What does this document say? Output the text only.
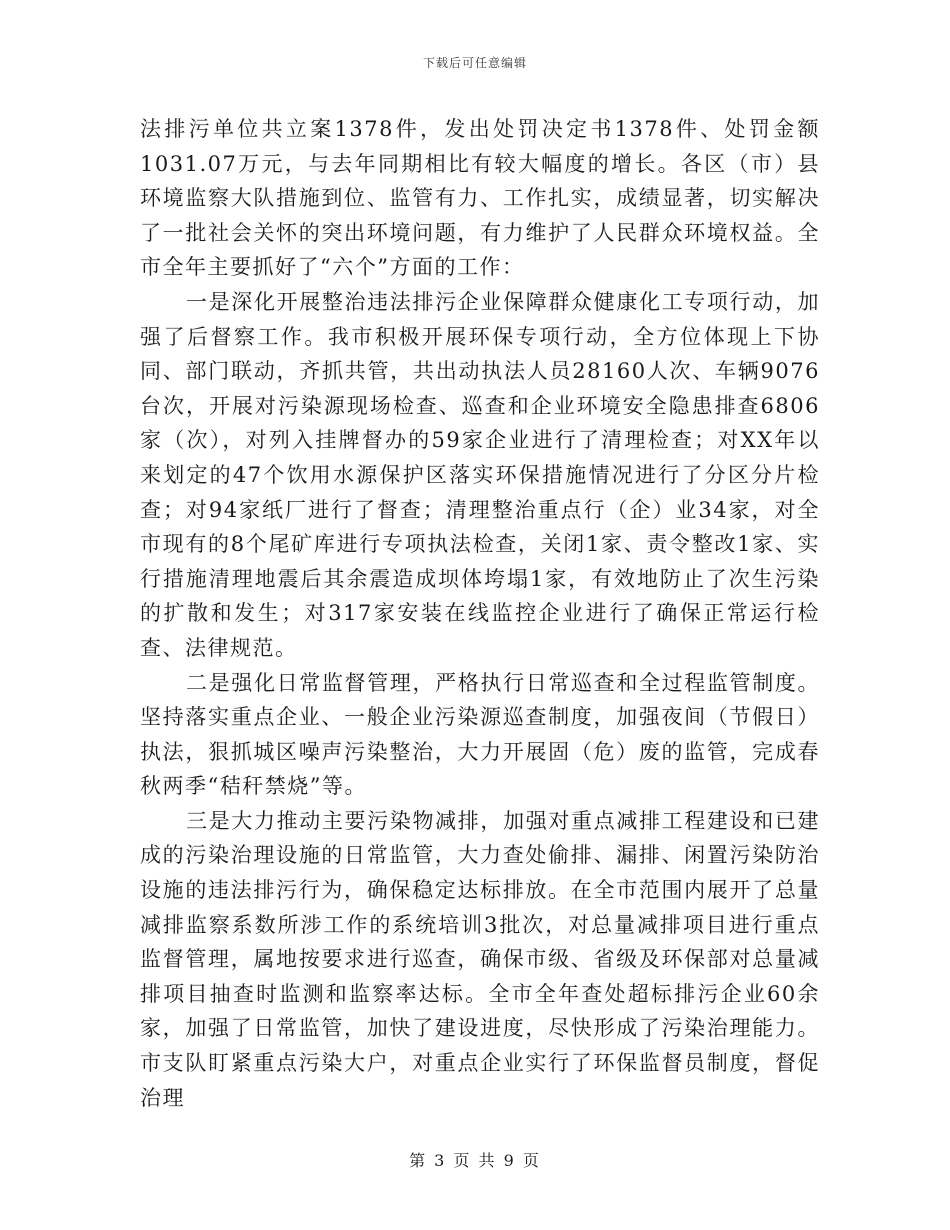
下载后可任意编辑

法排污单位共立案1378件，发出处罚决定书1378件、处罚金额1031.07万元，与去年同期相比有较大幅度的增长。各区（市）县环境监察大队措施到位、监管有力、工作扎实，成绩显著，切实解决了一批社会关怀的突出环境问题，有力维护了人民群众环境权益。全市全年主要抓好了“六个”方面的工作：

一是深化开展整治违法排污企业保障群众健康化工专项行动，加强了后督察工作。我市积极开展环保专项行动，全方位体现上下协同、部门联动，齐抓共管，共出动执法人员28160人次、车辆9076台次，开展对污染源现场检查、巡查和企业环境安全隐患排查6806家（次），对列入挂牌督办的59家企业进行了清理检查；对XX年以来划定的47个饮用水源保护区落实环保措施情况进行了分区分片检查；对94家纸厂进行了督查；清理整治重点行（企）业34家，对全市现有的8个尾矿库进行专项执法检查，关闭1家、责令整改1家、实行措施清理地震后其余震造成坝体垮塌1家，有效地防止了次生污染的扩散和发生；对317家安装在线监控企业进行了确保正常运行检查、法律规范。

二是强化日常监督管理，严格执行日常巡查和全过程监管制度。坚持落实重点企业、一般企业污染源巡查制度，加强夜间（节假日）执法，狠抓城区噪声污染整治，大力开展固（危）废的监管，完成春秋两季“秸秆禁烧”等。

三是大力推动主要污染物减排，加强对重点减排工程建设和已建成的污染治理设施的日常监管，大力查处偷排、漏排、闲置污染防治设施的违法排污行为，确保稳定达标排放。在全市范围内展开了总量减排监察系数所涉工作的系统培训3批次，对总量减排项目进行重点监督管理，属地按要求进行巡查，确保市级、省级及环保部对总量减排项目抽查时监测和监察率达标。全市全年查处超标排污企业60余家，加强了日常监管，加快了建设进度，尽快形成了污染治理能力。市支队盯紧重点污染大户，对重点企业实行了环保监督员制度，督促治理

第 3 页 共 9 页
